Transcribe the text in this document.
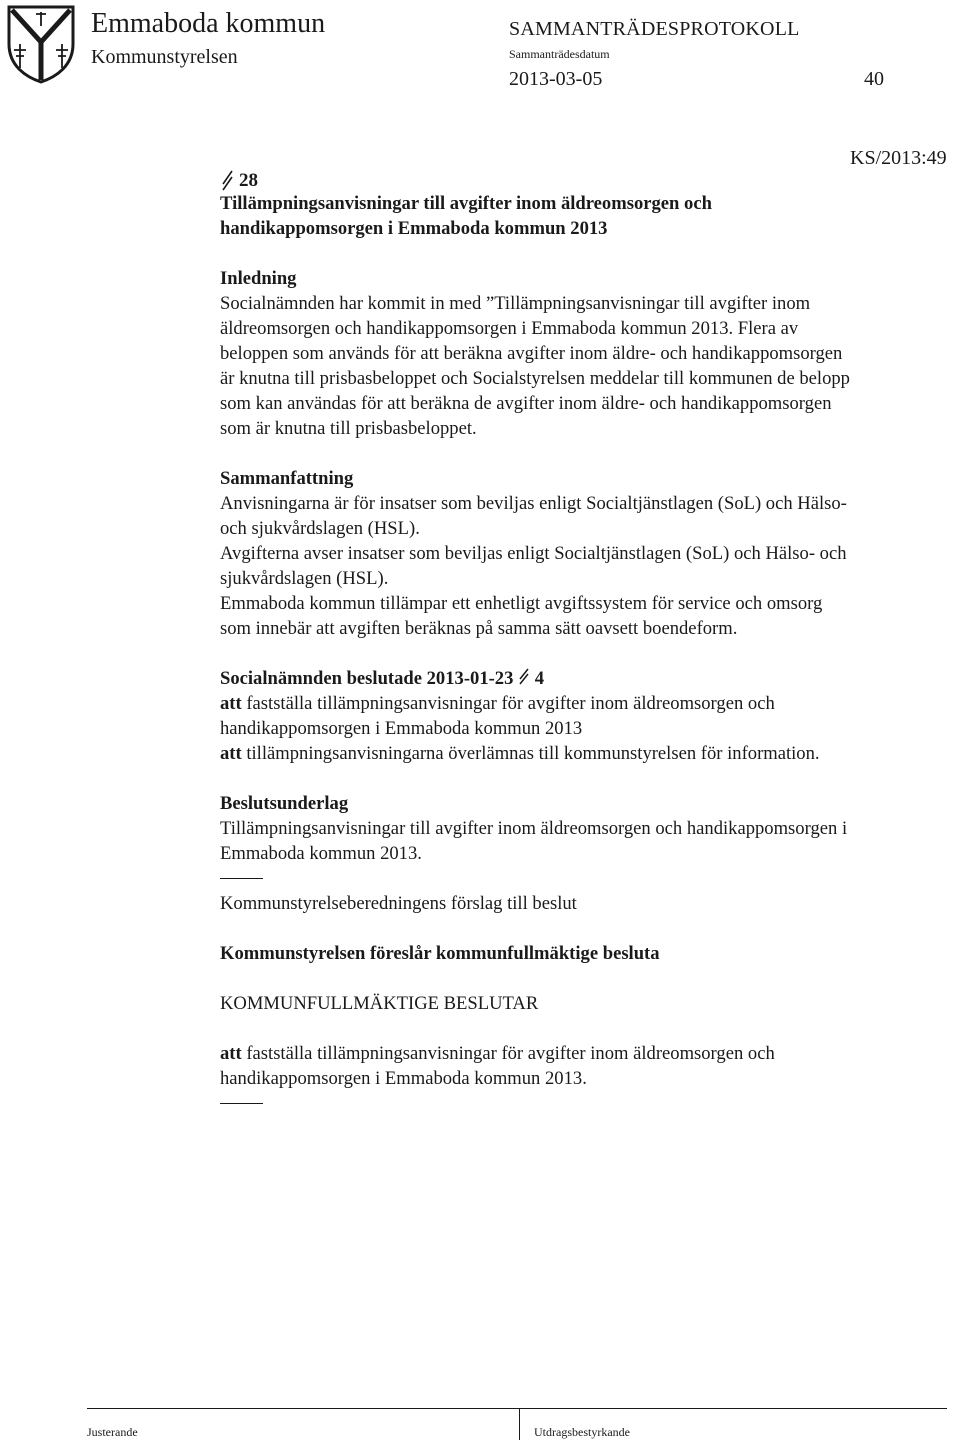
Emmaboda kommun
Kommunstyrelsen
SAMMANTRÄDESPROTOKOLL
Sammanträdesdatum
2013-03-05	40
KS/2013:49
28
Tillämpningsanvisningar till avgifter inom äldreomsorgen och
handikappomsorgen i Emmaboda kommun 2013
Inledning
Socialnämnden har kommit in med ”Tillämpningsanvisningar till avgifter inom
äldreomsorgen och handikappomsorgen i Emmaboda kommun 2013. Flera av
beloppen som används för att beräkna avgifter inom äldre- och handikappomsorgen
är knutna till prisbasbeloppet och Socialstyrelsen meddelar till kommunen de belopp
som kan användas för att beräkna de avgifter inom äldre- och handikappomsorgen
som är knutna till prisbasbeloppet.
Sammanfattning
Anvisningarna är för insatser som beviljas enligt Socialtjänstlagen (SoL) och Hälso-
och sjukvårdslagen (HSL).
Avgifterna avser insatser som beviljas enligt Socialtjänstlagen (SoL) och Hälso- och
sjukvårdslagen (HSL).
Emmaboda kommun tillämpar ett enhetligt avgiftssystem för service och omsorg
som innebär att avgiften beräknas på samma sätt oavsett boendeform.
Socialnämnden beslutade 2013-01-23 4
att fastställa tillämpningsanvisningar för avgifter inom äldreomsorgen och
handikappomsorgen i Emmaboda kommun 2013
att tillämpningsanvisningarna överlämnas till kommunstyrelsen för information.
Beslutsunderlag
Tillämpningsanvisningar till avgifter inom äldreomsorgen och handikappomsorgen i
Emmaboda kommun 2013.
Kommunstyrelseberedningens förslag till beslut
Kommunstyrelsen föreslår kommunfullmäktige besluta
KOMMUNFULLMÄKTIGE BESLUTAR
att fastställa tillämpningsanvisningar för avgifter inom äldreomsorgen och
handikappomsorgen i Emmaboda kommun 2013.
Justerande	Utdragsbestyrkande
